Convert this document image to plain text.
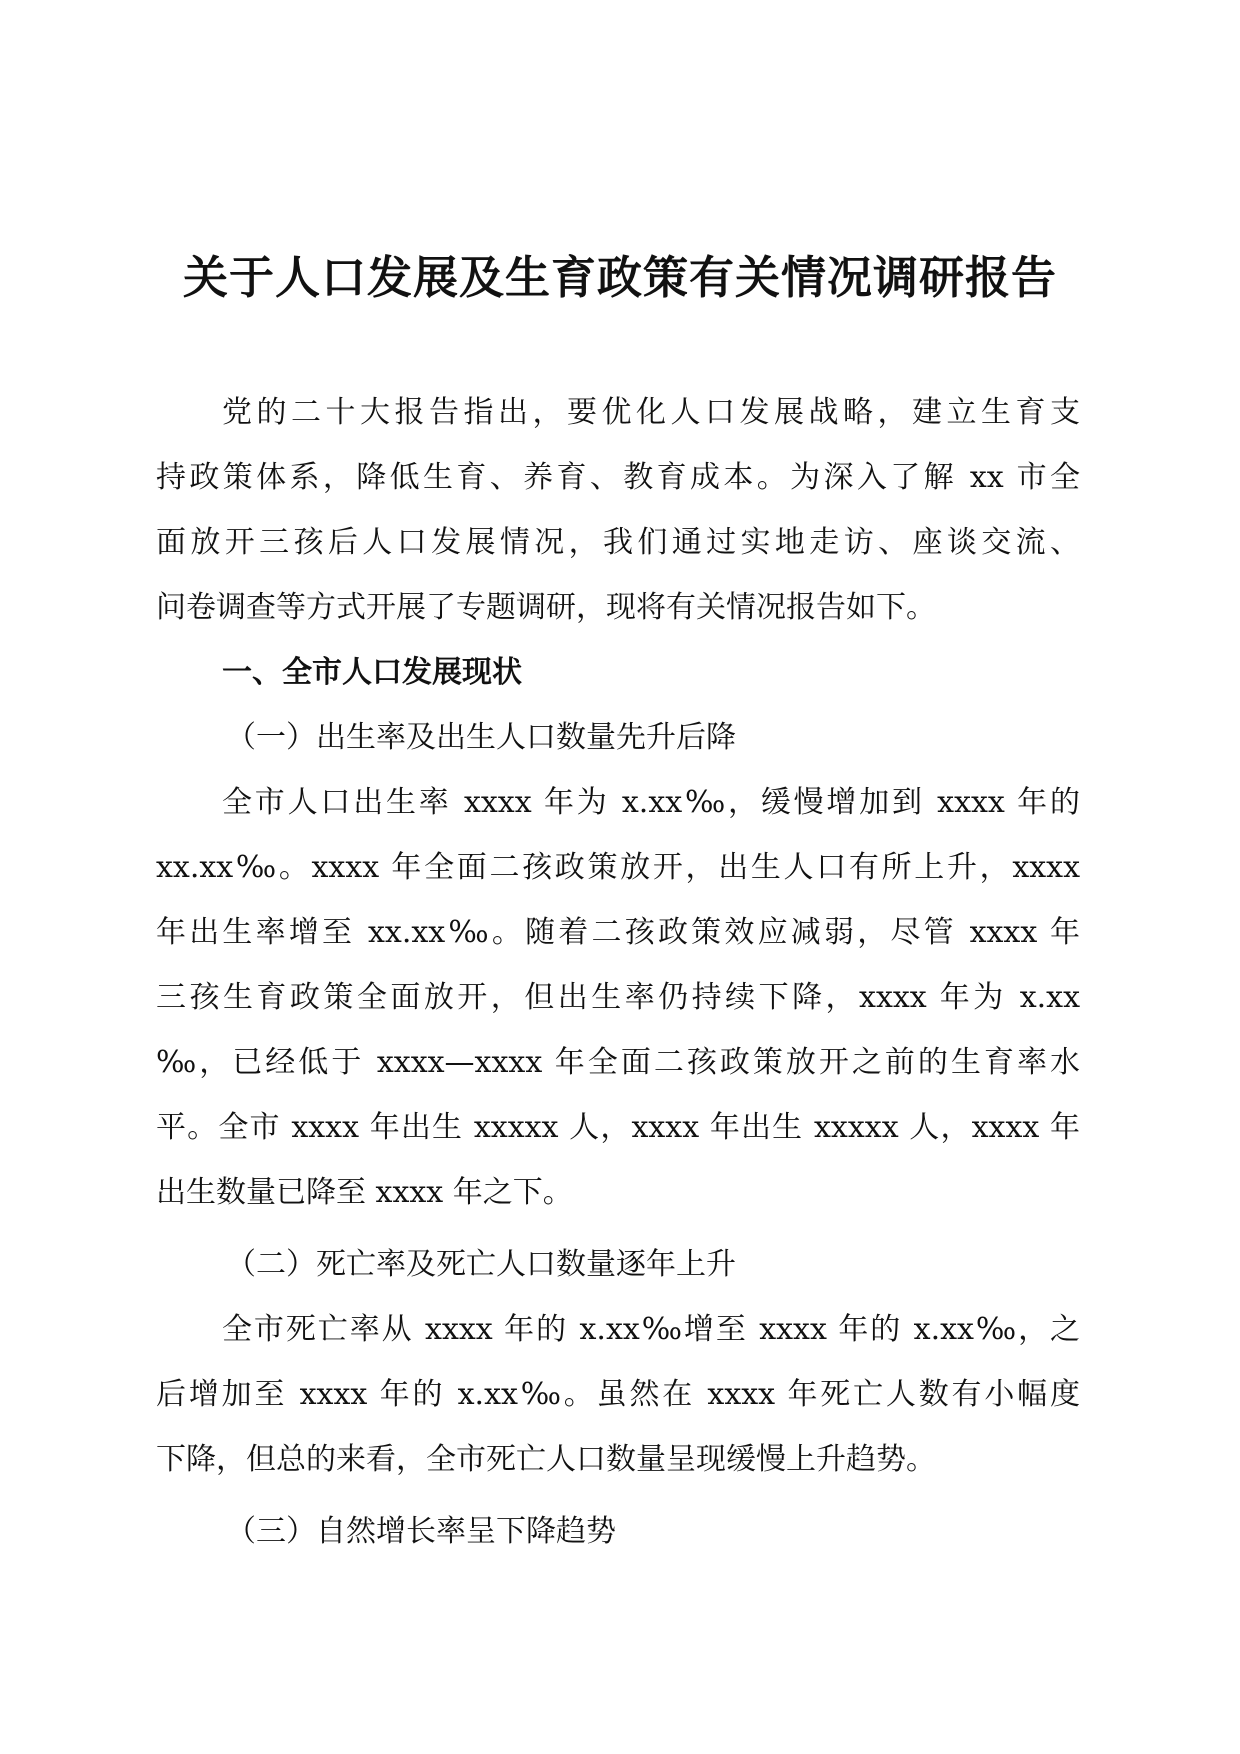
关于人口发展及生育政策有关情况调研报告
党的二十大报告指出，要优化人口发展战略，建立生育支
持政策体系，降低生育、养育、教育成本。为深入了解 xx 市全
面放开三孩后人口发展情况，我们通过实地走访、座谈交流、
问卷调查等方式开展了专题调研，现将有关情况报告如下。
一、全市人口发展现状
（一）出生率及出生人口数量先升后降
全市人口出生率 xxxx 年为 x.xx‰，缓慢增加到 xxxx 年的
xx.xx‰。xxxx 年全面二孩政策放开，出生人口有所上升，xxxx
年出生率增至 xx.xx‰。随着二孩政策效应减弱，尽管 xxxx 年
三孩生育政策全面放开，但出生率仍持续下降，xxxx 年为 x.xx
‰，已经低于 xxxx—xxxx 年全面二孩政策放开之前的生育率水
平。全市 xxxx 年出生 xxxxx 人，xxxx 年出生 xxxxx 人，xxxx 年
出生数量已降至 xxxx 年之下。
（二）死亡率及死亡人口数量逐年上升
全市死亡率从 xxxx 年的 x.xx‰增至 xxxx 年的 x.xx‰，之
后增加至 xxxx 年的 x.xx‰。虽然在 xxxx 年死亡人数有小幅度
下降，但总的来看，全市死亡人口数量呈现缓慢上升趋势。
（三）自然增长率呈下降趋势
